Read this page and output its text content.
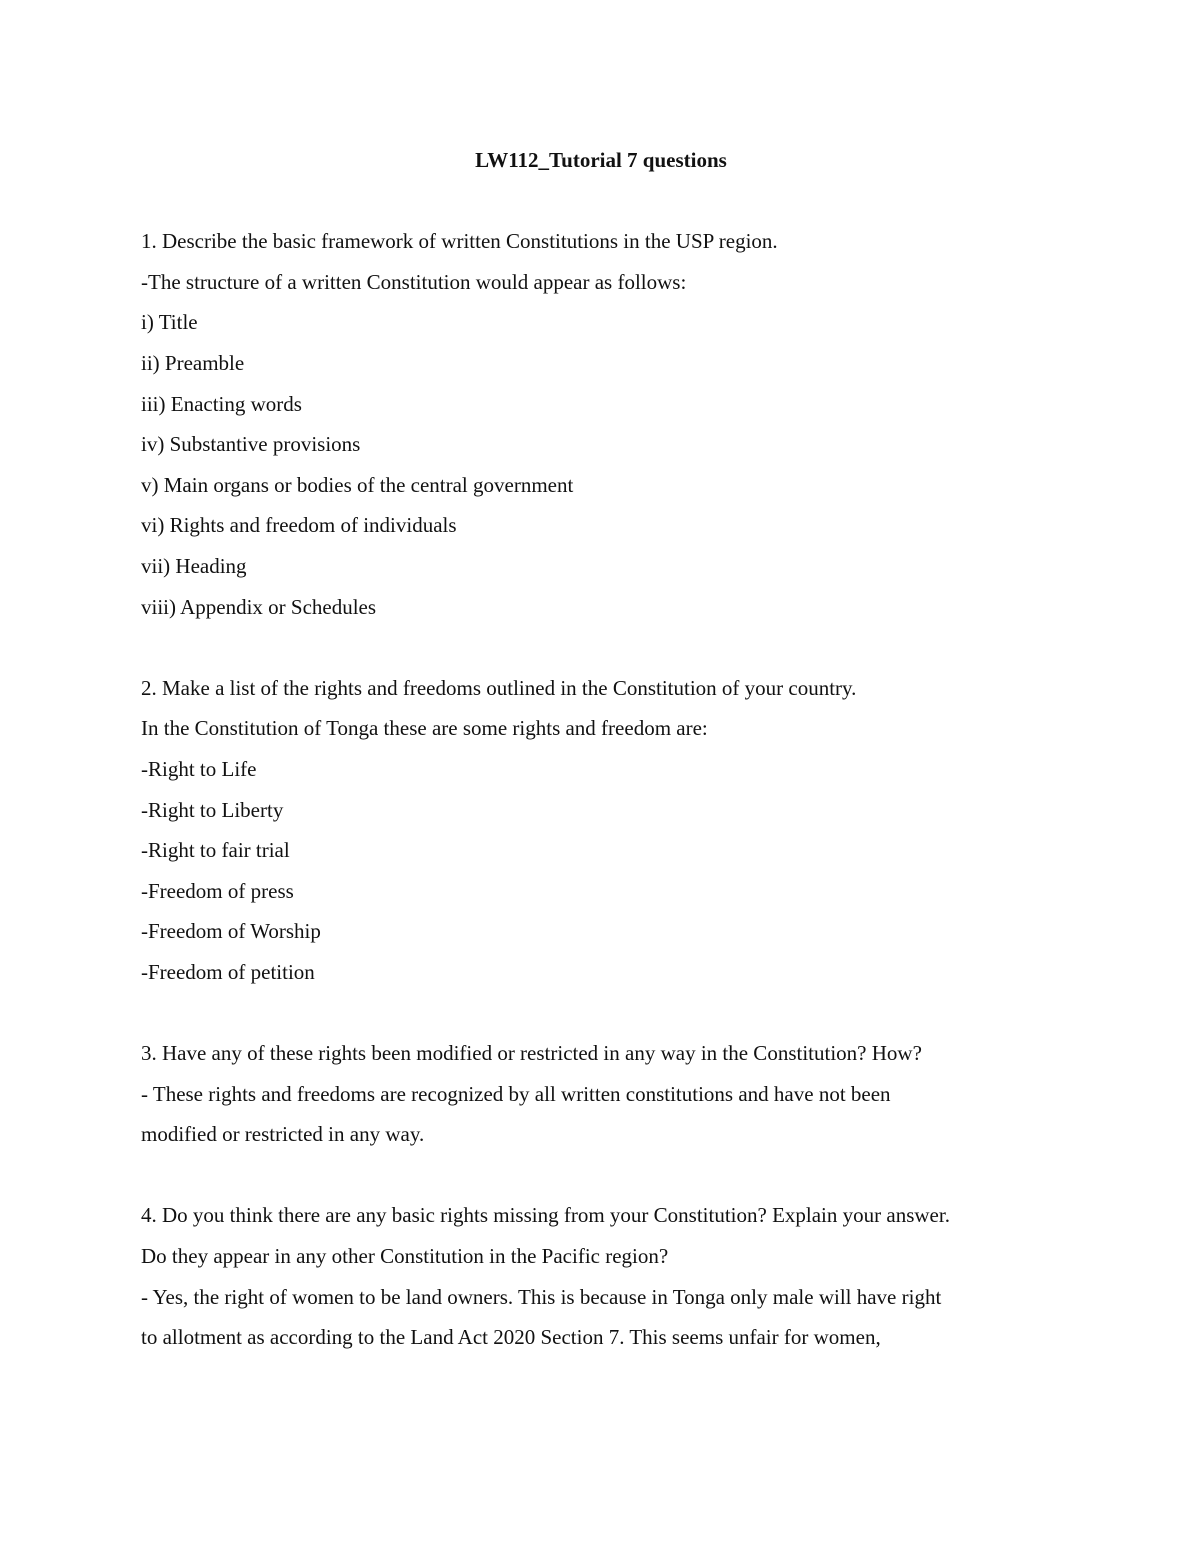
LW112_Tutorial 7 questions
1. Describe the basic framework of written Constitutions in the USP region.
-The structure of a written Constitution would appear as follows:
i) Title
ii) Preamble
iii) Enacting words
iv) Substantive provisions
v) Main organs or bodies of the central government
vi) Rights and freedom of individuals
vii) Heading
viii) Appendix or Schedules
2. Make a list of the rights and freedoms outlined in the Constitution of your country.
In the Constitution of Tonga these are some rights and freedom are:
-Right to Life
-Right to Liberty
-Right to fair trial
-Freedom of press
-Freedom of Worship
-Freedom of petition
3. Have any of these rights been modified or restricted in any way in the Constitution? How?
- These rights and freedoms are recognized by all written constitutions and have not been
modified or restricted in any way.
4. Do you think there are any basic rights missing from your Constitution? Explain your answer.
Do they appear in any other Constitution in the Pacific region?
- Yes, the right of women to be land owners. This is because in Tonga only male will have right
to allotment as according to the Land Act 2020 Section 7. This seems unfair for women,
